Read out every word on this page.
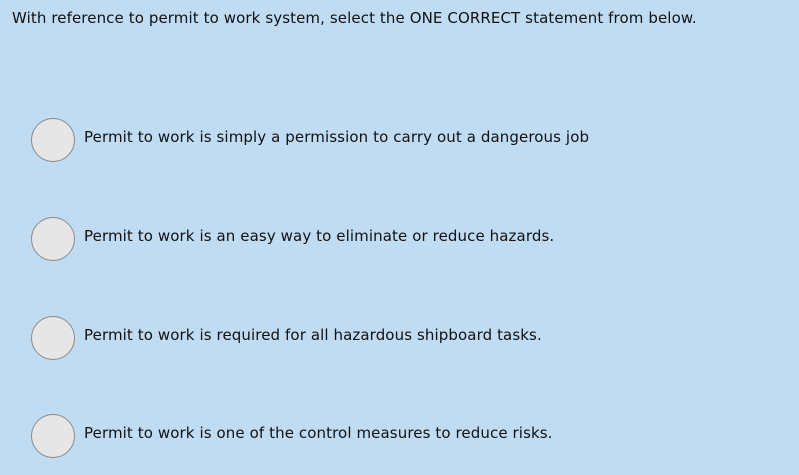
With reference to permit to work system, select the ONE CORRECT statement from below.
Permit to work is simply a permission to carry out a dangerous job
Permit to work is an easy way to eliminate or reduce hazards.
Permit to work is required for all hazardous shipboard tasks.
Permit to work is one of the control measures to reduce risks.
